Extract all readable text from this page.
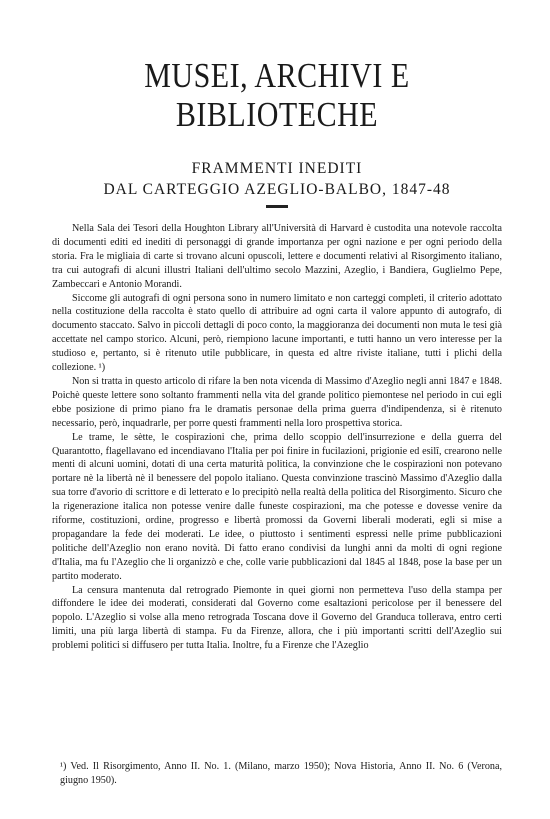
MUSEI, ARCHIVI E BIBLIOTECHE
FRAMMENTI INEDITI
DAL CARTEGGIO AZEGLIO-BALBO, 1847-48

Nella Sala dei Tesori della Houghton Library all'Università di Harvard è custodita una notevole raccolta di documenti editi ed inediti di personaggi di grande importanza per ogni nazione e per ogni periodo della storia. Fra le migliaia di carte si trovano alcuni opuscoli, lettere e documenti relativi al Risorgimento italiano, tra cui autografi di alcuni illustri Italiani dell'ultimo secolo Mazzini, Azeglio, i Bandiera, Guglielmo Pepe, Zambeccari e Antonio Morandi.

Siccome gli autografi di ogni persona sono in numero limitato e non carteggi completi, il criterio adottato nella costituzione della raccolta è stato quello di attribuire ad ogni carta il valore appunto di autografo, di documento staccato. Salvo in piccoli dettagli di poco conto, la maggioranza dei documenti non muta le tesi già accettate nel campo storico. Alcuni, però, riempiono lacune importanti, e tutti hanno un vero interesse per la studioso e, pertanto, si è ritenuto utile pubblicare, in questa ed altre riviste italiane, tutti i plichi della collezione. ¹)

Non si tratta in questo articolo di rifare la ben nota vicenda di Massimo d'Azeglio negli anni 1847 e 1848. Poichè queste lettere sono soltanto frammenti nella vita del grande politico piemontese nel periodo in cui egli ebbe posizione di primo piano fra le dramatis personae della prima guerra d'indipendenza, si è ritenuto necessario, però, inquadrarle, per porre questi frammenti nella loro prospettiva storica.

Le trame, le sètte, le cospirazioni che, prima dello scoppio dell'insurrezione e della guerra del Quarantotto, flagellavano ed incendiavano l'Italia per poi finire in fucilazioni, prigionie ed esilî, crearono nelle menti di alcuni uomini, dotati di una certa maturità politica, la convinzione che le cospirazioni non potevano portare nè la libertà nè il benessere del popolo italiano. Questa convinzione trascinò Massimo d'Azeglio dalla sua torre d'avorio di scrittore e di letterato e lo precipitò nella realtà della politica del Risorgimento. Sicuro che la rigenerazione italica non potesse venire dalle funeste cospirazioni, ma che potesse e dovesse venire da riforme, costituzioni, ordine, progresso e libertà promossi da Governi liberali moderati, egli si mise a propagandare la fede dei moderati. Le idee, o piuttosto i sentimenti espressi nelle prime pubblicazioni politiche dell'Azeglio non erano novità. Di fatto erano condivisi da lunghi anni da molti di ogni regione d'Italia, ma fu l'Azeglio che li organizzò e che, colle varie pubblicazioni dal 1845 al 1848, pose la base per un partito moderato.

La censura mantenuta dal retrogrado Piemonte in quei giorni non permetteva l'uso della stampa per diffondere le idee dei moderati, considerati dal Governo come esaltazioni pericolose per il benessere del popolo. L'Azeglio si volse alla meno retrograda Toscana dove il Governo del Granduca tollerava, entro certi limiti, una più larga libertà di stampa. Fu da Firenze, allora, che i più importanti scritti dell'Azeglio sui problemi politici si diffusero per tutta Italia. Inoltre, fu a Firenze che l'Azeglio

¹) Ved. Il Risorgimento, Anno II. No. 1. (Milano, marzo 1950); Nova Historia, Anno II. No. 6 (Verona, giugno 1950).
